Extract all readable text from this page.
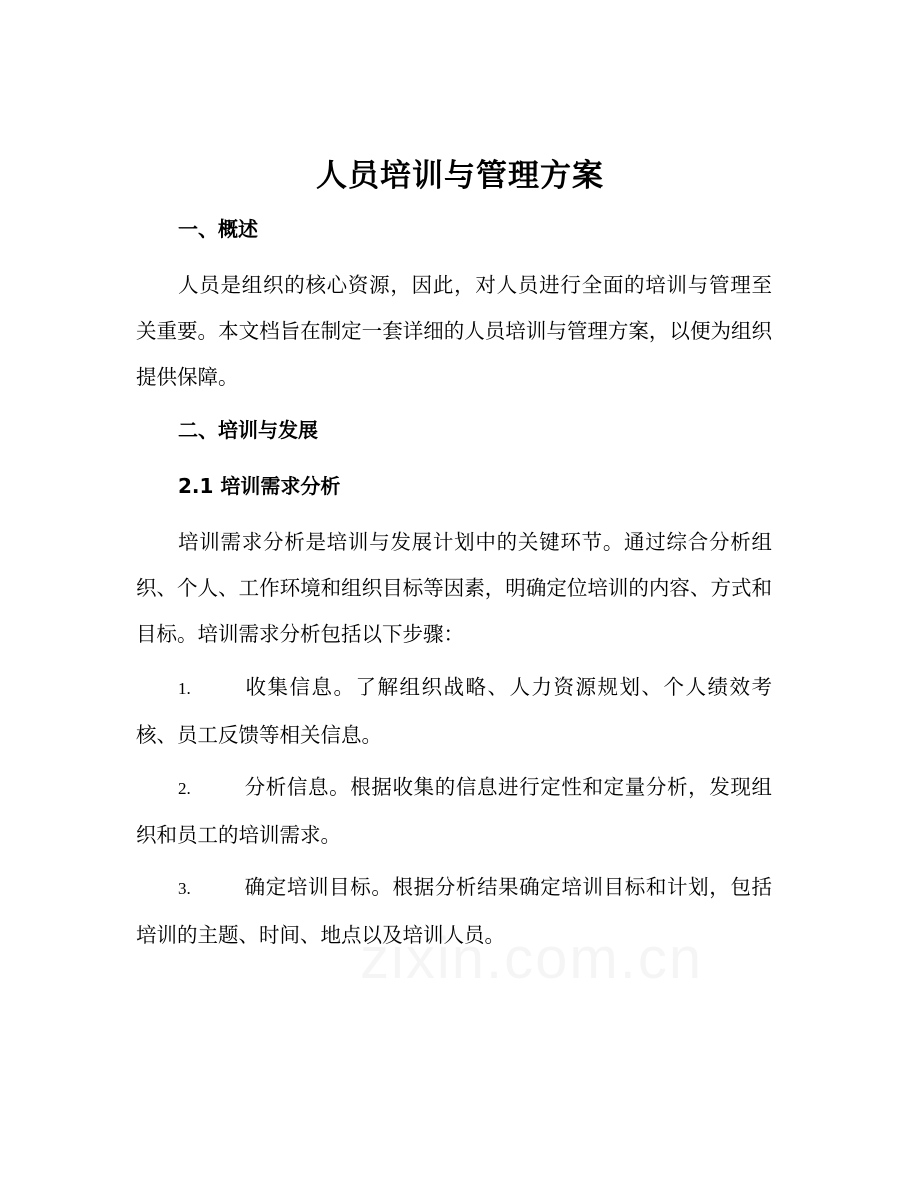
人员培训与管理方案
一、概述
人员是组织的核心资源，因此，对人员进行全面的培训与管理至关重要。本文档旨在制定一套详细的人员培训与管理方案，以便为组织提供保障。
二、培训与发展
2.1 培训需求分析
培训需求分析是培训与发展计划中的关键环节。通过综合分析组织、个人、工作环境和组织目标等因素，明确定位培训的内容、方式和目标。培训需求分析包括以下步骤：
1.	收集信息。了解组织战略、人力资源规划、个人绩效考核、员工反馈等相关信息。
2.	分析信息。根据收集的信息进行定性和定量分析，发现组织和员工的培训需求。
3.	确定培训目标。根据分析结果确定培训目标和计划，包括培训的主题、时间、地点以及培训人员。
